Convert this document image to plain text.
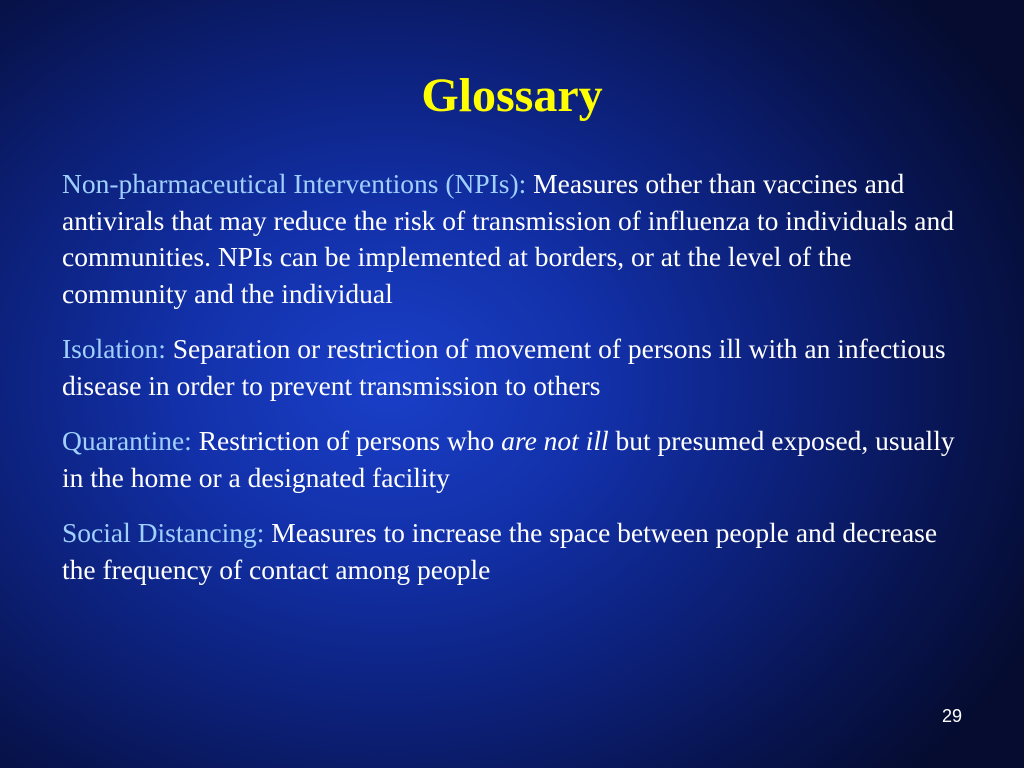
Glossary

Non-pharmaceutical Interventions (NPIs): Measures other than vaccines and antivirals that may reduce the risk of transmission of influenza to individuals and communities. NPIs can be implemented at borders, or at the level of the community and the individual

Isolation: Separation or restriction of movement of persons ill with an infectious disease in order to prevent transmission to others

Quarantine: Restriction of persons who are not ill but presumed exposed, usually in the home or a designated facility

Social Distancing: Measures to increase the space between people and decrease the frequency of contact among people

29
